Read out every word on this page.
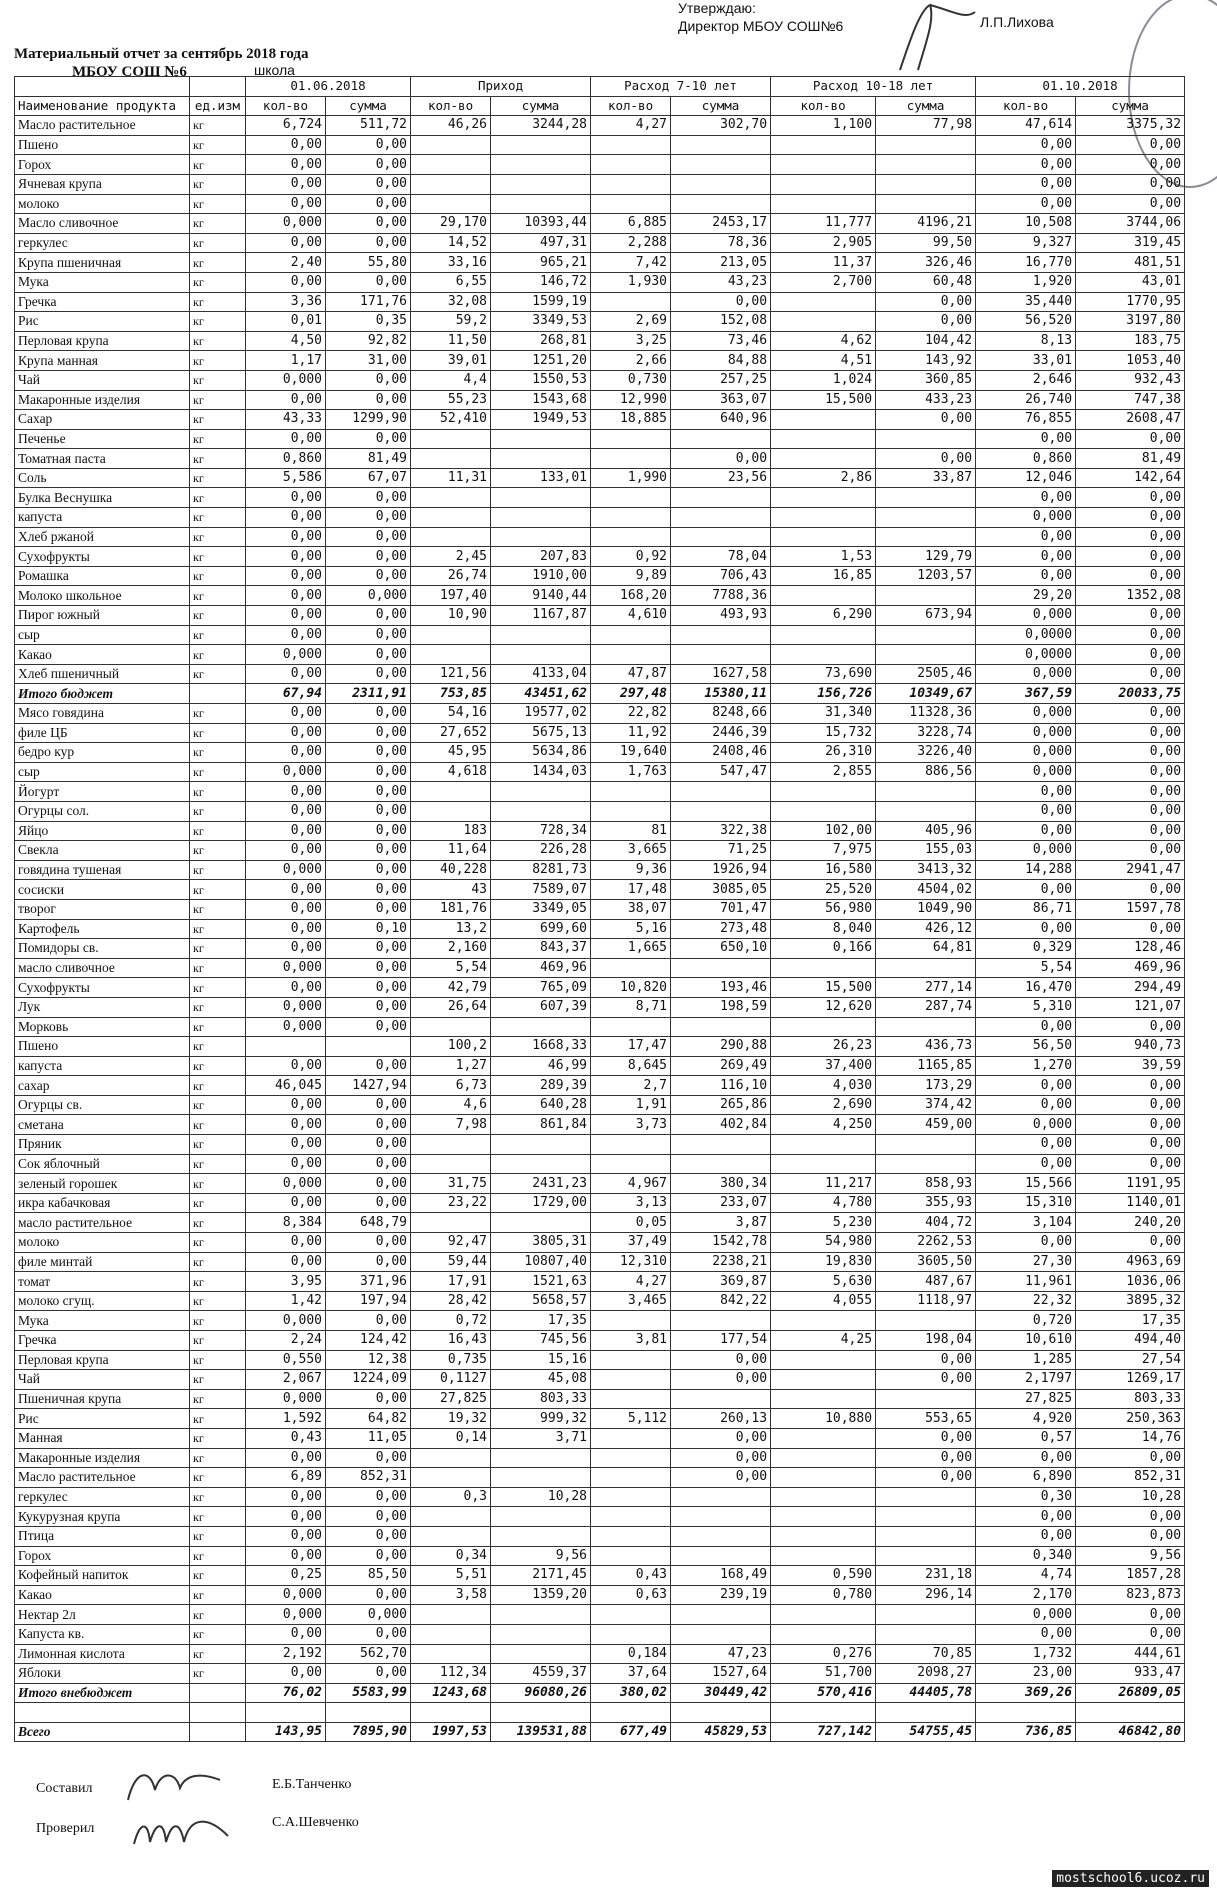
Утверждаю:
Директор МБОУ СОШ№6	Л.П.Лихова
Материальный отчет за сентябрь 2018 года
МБОУ СОШ №6	школа
		01.06.2018		Приход		Расход 7-10 лет		Расход 10-18 лет		01.10.2018	
Наименование продукта	ед.изм	кол-во	сумма	кол-во	сумма	кол-во	сумма	кол-во	сумма	кол-во	сумма
Масло растительное	кг	6,724	511,72	46,26	3244,28	4,27	302,70	1,100	77,98	47,614	3375,32
Пшено	кг	0,00	0,00							0,00	0,00
Горох	кг	0,00	0,00							0,00	0,00
Ячневая крупа	кг	0,00	0,00							0,00	0,00
молоко	кг	0,00	0,00							0,00	0,00
Масло сливочное	кг	0,000	0,00	29,170	10393,44	6,885	2453,17	11,777	4196,21	10,508	3744,06
геркулес	кг	0,00	0,00	14,52	497,31	2,288	78,36	2,905	99,50	9,327	319,45
Крупа пшеничная	кг	2,40	55,80	33,16	965,21	7,42	213,05	11,37	326,46	16,770	481,51
Мука	кг	0,00	0,00	6,55	146,72	1,930	43,23	2,700	60,48	1,920	43,01
Гречка	кг	3,36	171,76	32,08	1599,19		0,00		0,00	35,440	1770,95
Рис	кг	0,01	0,35	59,2	3349,53	2,69	152,08		0,00	56,520	3197,80
Перловая крупа	кг	4,50	92,82	11,50	268,81	3,25	73,46	4,62	104,42	8,13	183,75
Крупа манная	кг	1,17	31,00	39,01	1251,20	2,66	84,88	4,51	143,92	33,01	1053,40
Чай	кг	0,000	0,00	4,4	1550,53	0,730	257,25	1,024	360,85	2,646	932,43
Макаронные изделия	кг	0,00	0,00	55,23	1543,68	12,990	363,07	15,500	433,23	26,740	747,38
Сахар	кг	43,33	1299,90	52,410	1949,53	18,885	640,96		0,00	76,855	2608,47
Печенье	кг	0,00	0,00							0,00	0,00
Томатная паста	кг	0,860	81,49				0,00		0,00	0,860	81,49
Соль	кг	5,586	67,07	11,31	133,01	1,990	23,56	2,86	33,87	12,046	142,64
Булка Веснушка	кг	0,00	0,00							0,00	0,00
капуста	кг	0,00	0,00							0,000	0,00
Хлеб ржаной	кг	0,00	0,00							0,00	0,00
Сухофрукты	кг	0,00	0,00	2,45	207,83	0,92	78,04	1,53	129,79	0,00	0,00
Ромашка	кг	0,00	0,00	26,74	1910,00	9,89	706,43	16,85	1203,57	0,00	0,00
Молоко школьное	кг	0,00	0,000	197,40	9140,44	168,20	7788,36			29,20	1352,08
Пирог южный	кг	0,00	0,00	10,90	1167,87	4,610	493,93	6,290	673,94	0,000	0,00
сыр	кг	0,00	0,00							0,0000	0,00
Какао	кг	0,000	0,00							0,0000	0,00
Хлеб пшеничный	кг	0,00	0,00	121,56	4133,04	47,87	1627,58	73,690	2505,46	0,000	0,00
Итого бюджет		67,94	2311,91	753,85	43451,62	297,48	15380,11	156,726	10349,67	367,59	20033,75
Мясо говядина	кг	0,00	0,00	54,16	19577,02	22,82	8248,66	31,340	11328,36	0,000	0,00
филе ЦБ	кг	0,00	0,00	27,652	5675,13	11,92	2446,39	15,732	3228,74	0,000	0,00
бедро кур	кг	0,00	0,00	45,95	5634,86	19,640	2408,46	26,310	3226,40	0,000	0,00
сыр	кг	0,000	0,00	4,618	1434,03	1,763	547,47	2,855	886,56	0,000	0,00
Йогурт	кг	0,00	0,00							0,00	0,00
Огурцы сол.	кг	0,00	0,00							0,00	0,00
Яйцо	кг	0,00	0,00	183	728,34	81	322,38	102,00	405,96	0,00	0,00
Свекла	кг	0,00	0,00	11,64	226,28	3,665	71,25	7,975	155,03	0,000	0,00
говядина тушеная	кг	0,000	0,00	40,228	8281,73	9,36	1926,94	16,580	3413,32	14,288	2941,47
сосиски	кг	0,00	0,00	43	7589,07	17,48	3085,05	25,520	4504,02	0,00	0,00
творог	кг	0,00	0,00	181,76	3349,05	38,07	701,47	56,980	1049,90	86,71	1597,78
Картофель	кг	0,00	0,10	13,2	699,60	5,16	273,48	8,040	426,12	0,00	0,00
Помидоры св.	кг	0,00	0,00	2,160	843,37	1,665	650,10	0,166	64,81	0,329	128,46
масло сливочное	кг	0,000	0,00	5,54	469,96					5,54	469,96
Сухофрукты	кг	0,00	0,00	42,79	765,09	10,820	193,46	15,500	277,14	16,470	294,49
Лук	кг	0,000	0,00	26,64	607,39	8,71	198,59	12,620	287,74	5,310	121,07
Морковь	кг	0,000	0,00							0,00	0,00
Пшено	кг			100,2	1668,33	17,47	290,88	26,23	436,73	56,50	940,73
капуста	кг	0,00	0,00	1,27	46,99	8,645	269,49	37,400	1165,85	1,270	39,59
сахар	кг	46,045	1427,94	6,73	289,39	2,7	116,10	4,030	173,29	0,00	0,00
Огурцы св.	кг	0,00	0,00	4,6	640,28	1,91	265,86	2,690	374,42	0,00	0,00
сметана	кг	0,00	0,00	7,98	861,84	3,73	402,84	4,250	459,00	0,000	0,00
Пряник	кг	0,00	0,00							0,00	0,00
Сок яблочный	кг	0,00	0,00							0,00	0,00
зеленый горошек	кг	0,000	0,00	31,75	2431,23	4,967	380,34	11,217	858,93	15,566	1191,95
икра кабачковая	кг	0,00	0,00	23,22	1729,00	3,13	233,07	4,780	355,93	15,310	1140,01
масло растительное	кг	8,384	648,79			0,05	3,87	5,230	404,72	3,104	240,20
молоко	кг	0,00	0,00	92,47	3805,31	37,49	1542,78	54,980	2262,53	0,00	0,00
филе минтай	кг	0,00	0,00	59,44	10807,40	12,310	2238,21	19,830	3605,50	27,30	4963,69
томат	кг	3,95	371,96	17,91	1521,63	4,27	369,87	5,630	487,67	11,961	1036,06
молоко сгущ.	кг	1,42	197,94	28,42	5658,57	3,465	842,22	4,055	1118,97	22,32	3895,32
Мука	кг	0,000	0,00	0,72	17,35					0,720	17,35
Гречка	кг	2,24	124,42	16,43	745,56	3,81	177,54	4,25	198,04	10,610	494,40
Перловая крупа	кг	0,550	12,38	0,735	15,16		0,00		0,00	1,285	27,54
Чай	кг	2,067	1224,09	0,1127	45,08		0,00		0,00	2,1797	1269,17
Пшеничная крупа	кг	0,000	0,00	27,825	803,33					27,825	803,33
Рис	кг	1,592	64,82	19,32	999,32	5,112	260,13	10,880	553,65	4,920	250,363
Манная	кг	0,43	11,05	0,14	3,71		0,00		0,00	0,57	14,76
Макаронные изделия	кг	0,00	0,00				0,00		0,00	0,00	0,00
Масло растительное	кг	6,89	852,31				0,00		0,00	6,890	852,31
геркулес	кг	0,00	0,00	0,3	10,28					0,30	10,28
Кукурузная крупа	кг	0,00	0,00							0,00	0,00
Птица	кг	0,00	0,00							0,00	0,00
Горох	кг	0,00	0,00	0,34	9,56					0,340	9,56
Кофейный напиток	кг	0,25	85,50	5,51	2171,45	0,43	168,49	0,590	231,18	4,74	1857,28
Какао	кг	0,000	0,00	3,58	1359,20	0,63	239,19	0,780	296,14	2,170	823,873
Нектар 2л	кг	0,000	0,000							0,000	0,00
Капуста кв.	кг	0,00	0,00							0,00	0,00
Лимонная кислота	кг	2,192	562,70			0,184	47,23	0,276	70,85	1,732	444,61
Яблоки	кг	0,00	0,00	112,34	4559,37	37,64	1527,64	51,700	2098,27	23,00	933,47
Итого внебюджет		76,02	5583,99	1243,68	96080,26	380,02	30449,42	570,416	44405,78	369,26	26809,05

Всего		143,95	7895,90	1997,53	139531,88	677,49	45829,53	727,142	54755,45	736,85	46842,80
Составил	Е.Б.Танченко
Проверил	С.А.Шевченко
mostschool6.ucoz.ru
